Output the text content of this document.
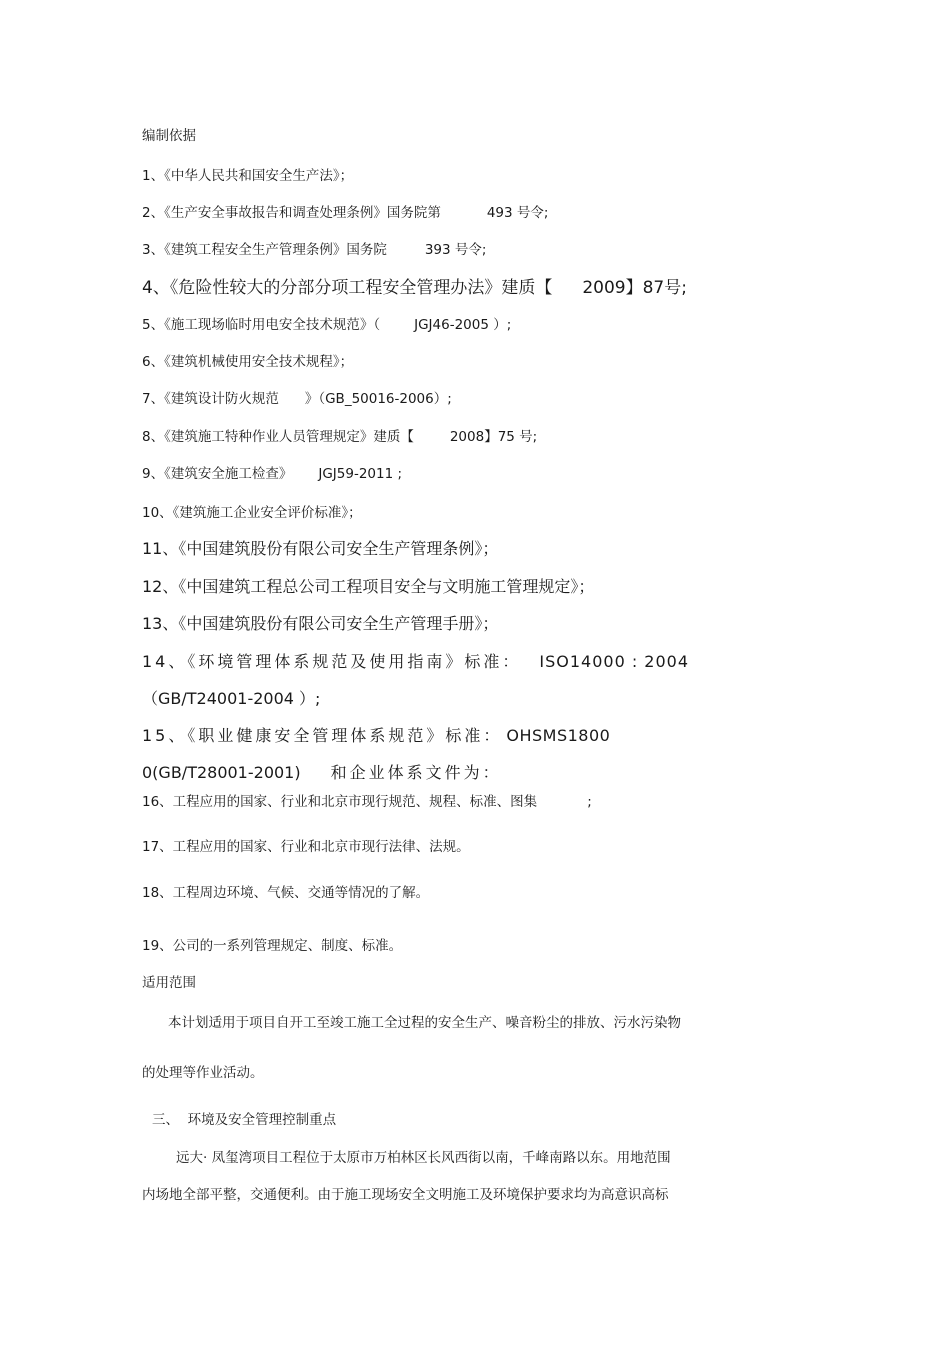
编制依据
1、《中华人民共和国安全生产法》；
2、《生产安全事故报告和调查处理条例》国务院第	493 号令;
3、《建筑工程安全生产管理条例》国务院	393 号令;
4、《危险性较大的分部分项工程安全管理办法》建质【 2009】87号;
5、《施工现场临时用电安全技术规范》（	JGJ46-2005 ）;
6、《建筑机械使用安全技术规程》；
7、《建筑设计防火规范 》（GB_50016-2006）;
8、《建筑施工特种作业人员管理规定》建质【	2008】75 号;
9、《建筑安全施工检查》 JGJ59-2011 ;
10、《建筑施工企业安全评价标准》；
11、《中国建筑股份有限公司安全生产管理条例》；
12、《中国建筑工程总公司工程项目安全与文明施工管理规定》；
13、《中国建筑股份有限公司安全生产管理手册》；
14、《环境管理体系规范及使用指南》标准： ISO14000 : 2004
（GB/T24001-2004 ）;
15、《职业健康安全管理体系规范》标准： OHSMS1800
0(GB/T28001-2001) 和企业体系文件为：
16、工程应用的国家、行业和北京市现行规范、规程、标准、图集	;
17、工程应用的国家、行业和北京市现行法律、法规。
18、工程周边环境、气候、交通等情况的了解。
19、公司的一系列管理规定、制度、标准。
适用范围
本计划适用于项目自开工至竣工施工全过程的安全生产、噪音粉尘的排放、污水污染物
的处理等作业活动。
三、  环境及安全管理控制重点
远大· 凤玺湾项目工程位于太原市万柏林区长风西街以南，千峰南路以东。用地范围
内场地全部平整，交通便利。由于施工现场安全文明施工及环境保护要求均为高意识高标
